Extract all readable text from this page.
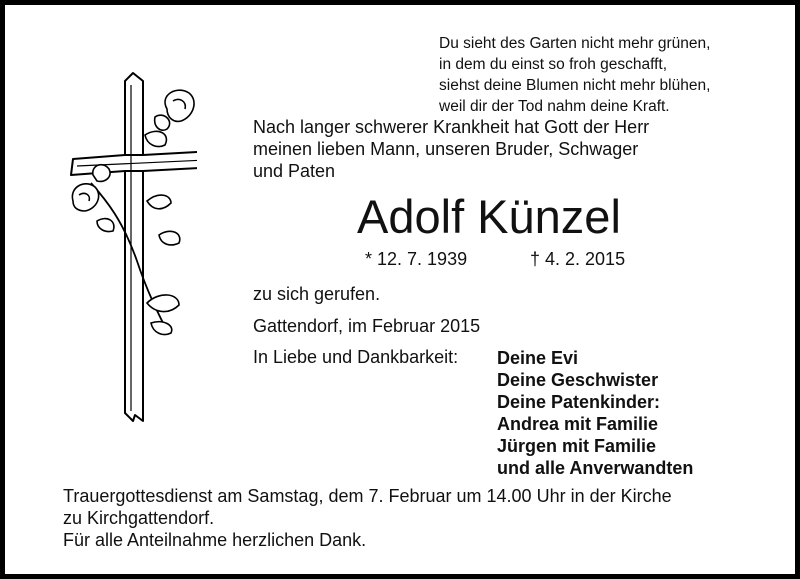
Du sieht des Garten nicht mehr grünen,
in dem du einst so froh geschafft,
siehst deine Blumen nicht mehr blühen,
weil dir der Tod nahm deine Kraft.
Nach langer schwerer Krankheit hat Gott der Herr
meinen lieben Mann, unseren Bruder, Schwager
und Paten
Adolf Künzel
* 12. 7. 1939	† 4. 2. 2015
zu sich gerufen.
Gattendorf, im Februar 2015
In Liebe und Dankbarkeit: Deine Evi
Deine Geschwister
Deine Patenkinder:
Andrea mit Familie
Jürgen mit Familie
und alle Anverwandten
Trauergottesdienst am Samstag, dem 7. Februar um 14.00 Uhr in der Kirche
zu Kirchgattendorf.
Für alle Anteilnahme herzlichen Dank.
